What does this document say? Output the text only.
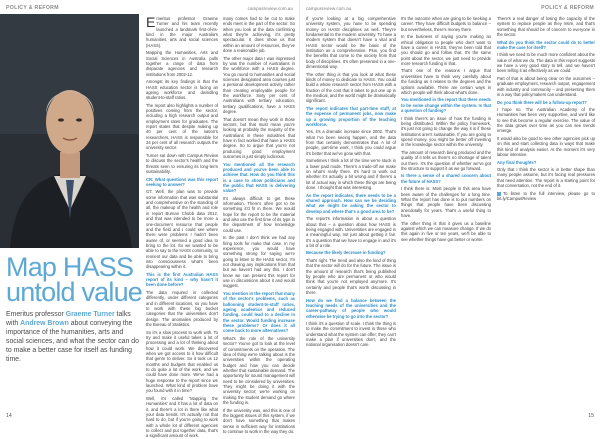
POLICY & REFORM	campusreview.com.au
Map HASS
untold value

Emeritus professor Graeme Turner talks with Andrew Brown about conveying the importance of the humanities, arts and social sciences, and what the sector can do to make a better case for itself as funding time.

Emeritus professor Graeme Turner and his team recently launched a landmark first-of-its-kind in the major Australia's humanities, arts and social sciences (HASS).

Mapping the Humanities, Arts and Social Sciences in Australia pulls together a range of data from disparate agencies and research institutions from 2002-12.

Amongst its key findings is that the HASS education sector is facing an ageing workforce and dwindling student-to-staff ratios.

The report also highlights a number of positives coming from the sector, including a high research output and employment rates for graduates. The report states that despite making up 40 per cent of the nation's researchers, HASS is responsible for 34 per cent of all research outputs the university sector.

Turner sat down with Campus Review to discuss the sector's health and the threats seen to ensuring its long-term sustainability.

CR: What questions was this report seeking to answer?

GT: Well, the plan was to provide some information that was substantial and comprehensive on the standing of all, the makeup of the health and role in report Burnan Chubb data 2012, and that was intended to be more a one-document resource that people and the field and I could see where there were problems I hadn't been aware of, or seemed a good idea to bring to the lot. So we wanted to be able to say to the HASS community, to reorient our data and be able to bring into consciousness what's been disappearing within it.

This is the first Australian HASS report of its kind – why hasn't it been done before?

The data required is collected differently, under different categories and in different locations, so you have to work with these big bucket categories that the universities don't design. The anomalies produced by the Bureau of Statistics.

So it's a slow process to work with. To try and make it useful takes a lot of processing and a lot of thinking about how it could work. We discovered when we got access to it how difficult that genre to deliver. So it took us 12 months and budgets that enabled us to do quite a lot of the work, and we could have done more. We've had a huge response to the report since we launched. What kind of problem have you found with it in time?

Well, it's called 'Mapping the Humanities' and it has a lot of data on it, and there's a lot in there like what your data trends. It's actually not that hard to do, but if you're going to work with a whole lot of different agencies to collect and put together data, that's a significant amount of work.

many comes had to be cut to make ends meet in the part of the sector. So when you look at the data confirming what they're achieving, it's pretty spectacular. It does show us that within an amount of resources, they've done a reasonable job.

The other major data I was impressed by was the number of Australians in the workforce with a HASS degree. You go round to humanities and social sciences designated area courses just a personal development activity rather than creating employable people for the workforce. Sixty per cent of Australians with tertiary education, tertiary qualifications, have a HASS degree.

That doesn't mean they work in those sectors, but that must mean you're looking at probably the majority of the Australians in these industries that have in fact worked that have a HASS degree. So to argue that you're not producing good employment outcomes is just simply ludicrous.

You mentioned all the research produced and you've been able to achieve that. How do you think this is a case to show politicians and the public that HASS is delivering value?

It's always difficult to get these information. There's often got to be something it'd fit in there. We would hope for the report to be the material and also use the first time of its type in the department of how knowledge could use.

In the past I don't think we had any firing tools for make that case. In my experience, you would have something strong for saying we're going to listen to the HASS sector, I'm not drawing any implications from that but we haven't had any this. I don't know we can present this report for use in discussions about it and would suggest.

You mention in the report that many of the sector's problems, such as ballooning student-to-staff ratios, ageing academics and reduced funding, could lead to a decline in the sector. Would funding increase these problems? Or does it all come back to more alternatives?

What's the role of the university sector? You've got to look at the level of commitments on the operation. The idea of thing we're talking about is the universities within the operating budget and how you can decide whether that sustainable demand. The opportunity for sound management will need to be considered by universities. They might be doing it with the university sector; we're working on making the student demand go where the funding is.

If the university was, and this is one of the biggest issues of this system, if we don't have something that makes sense in sufficient way for institutions to continue to work in the way they do.

14
campusreview.com.au	POLICY & REFORM

If you're looking at a big comprehensive university system, you have to be spending money on HASS disciplines as well. They're fundamental to the modern university. To have a modern system that doesn't have a vital and HASS sector would be the basic of the institution as a comprehensive. Plus, you find the benefits that come to the society from that body of disciplines. It's often presented in a one-dimensional way.

The other thing is that you look at what these kinds of money to dedicate to HASS. You could build a whole research sector from HASS with a fraction of the cost that it takes to put one up in the medical, and the world might be dramatically significant.

The report indicates that part-time staff, at the expense of permanent jobs, now make up a growing proportion of the teaching workforce.

Yes, it's a dramatic increase since 2002. That's what I've been seeing happen, and the data from that certainly demonstrates that. A lot of people, part-time work, I think you could argue it's better that we've gone with that.

Sometimes I think a lot of the time we're stuck in a lower paid mode. There's a trade-off we make on what's really there. It's hard to work out whether it's actually a bit wrong and if there's a lot of actual way in which these things are being done. I thought that was interesting.

As the report indicates, there needs to be a shared approach. How can we be deciding what we might be asking the sector to develop and where that's a good area to be?

The report's information is about a question about that – a question about how HASS is being engaged with. Universities are engaged in a meaningful way, not just about getting it fair. It's a question that we have to engage in and it's a bit of a role.

Because the likely decrease in funding?

That's right. The trend and also the kind of thing that the sector will do for the future. The issue is the amount of research that's being published by people who are permanent or who would think that you're not employed anymore. It's certainly and people that's worth discussing in there.

How do we find a balance between the teaching needs of the universities and the career-pathway of people who would otherwise be trying to go into the sector?

I think it's a question of scale. I think the thing is to make the commitment to invest in those who understand what the system can offer; they can't make a plan if universities don't, and the national organisation doesn't care.

It's the outcome when are going to be seeking a career. They have difficult budgets to balance – but nevertheless, there's money there.

In the business of saying you're making an ethical obligation to people who don't want to have a career in HASS, they've been told that you should go and follow that. It's the same point about the sector, we just need to provide more research funding in that.

That's one of the reasons I argue that universities have to think very carefully about the funding as it relates to the degrees and the options available. There are certain ways in which people will think about what's done.

You mentioned in the report that there needs to be some change within the system. Is that a question of funding?

I think there's an issue of how the funding is being distributed. Within the policy framework, it's just not going to change the way it is if these institutions aren't sustainable. If you are going to spend money, you might be better off investing in the knowledge sector within the university.

The amount of research being produced and the quality of it tells us there's no shortage of talent out there. It's the question of whether we've got the structure to support it as we go forward.

Is there a sense of a shared concern about the future of HASS?

I think there is. Most people in this area have been aware of the challenges for a long time. What the report has done is to put numbers on things that people have been discussing anecdotally for years. That's a useful thing to have.

The other thing is that it gives us a baseline against which we can measure change. If we do this again in five or ten years, we'll be able to see whether things have got better or worse.

There's a real danger of losing the capacity of the system to replace people as they retire, and that's something that should be of concern to everyone in the sector.

What do you think the sector could do to better make the case for itself?

I think we need to be much more confident about the value of what we do. The data in this report suggests we have a very good story to tell, and we haven't been telling it as effectively as we could.

Part of that is about being clear on the outcomes – graduate employment, research output, engagement with industry and community – and presenting them in a way that policymakers can understand.

Do you think there will be a follow-up report?

I hope so. The Australian Academy of the Humanities has been very supportive, and we'd like to see this become a regular exercise. The value of the data grows over time as you can see trends emerge.

It would also be good to see other agencies pick up on this and start collecting data in ways that make this kind of analysis easier. At the moment it's very labour intensive.

Any final thoughts?

Only that I think the sector is in better shape than many people assume, but it's facing real pressures that need attention. The report is a starting point for that conversation, not the end of it.

To listen to the full interview, please go to bit.ly/CampusReview

15
